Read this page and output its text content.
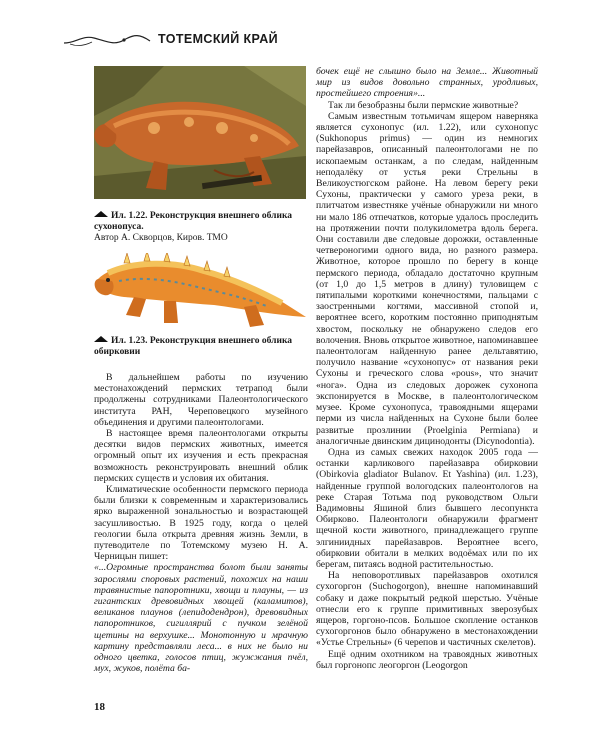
ТОТЕМСКИЙ КРАЙ
Ил. 1.22. Реконструкция внешнего облика сухонопуса.
Автор А. Скворцов, Киров. ТМО
Ил. 1.23. Реконструкция внешнего облика обирковии

В дальнейшем работы по изучению местонахождений пермских тетрапод были продолжены сотрудниками Палеонтологического института РАН, Череповецкого музейного объединения и другими палеонтологами.

В настоящее время палеонтологами открыты десятки видов пермских животных, имеется огромный опыт их изучения и есть прекрасная возможность реконструировать внешний облик пермских существ и условия их обитания.

Климатические особенности пермского периода были близки к современным и характеризовались ярко выраженной зональностью и возрастающей засушливостью. В 1925 году, когда о целей геологии была открыта древняя жизнь Земли, в путеводителе по Тотемскому музею Н. А. Черницын пишет:

«...Огромные пространства болот были заняты зарослями споровых растений, похожих на наши травянистые папоротники, хвощи и плауны, — из гигантских древовидных хвощей (каламитов), великанов плаунов (лепидодендрон), древовидных папоротников, сигиллярий с пучком зелёной щетины на верхушке... Монотонную и мрачную картину представляли леса... в них не было ни одного цветка, голосов птиц, жужжания пчёл, мух, жуков, полёта ба-

бочек ещё не слышно было на Земле... Животный мир из видов довольно странных, уродливых, простейшего строения»...

Так ли безобразны были пермские животные?

Самым известным тотьмичам ящером наверняка является сухонопус (ил. 1.22), или сухонопус (Sukhonopus primus) — один из немногих парейазавров, описанный палеонтологами не по ископаемым останкам, а по следам, найденным неподалёку от устья реки Стрельны в Великоустюгском районе. На левом берегу реки Сухоны, практически у самого уреза реки, в плитчатом известняке учёные обнаружили ни много ни мало 186 отпечатков, которые удалось проследить на протяжении почти полукилометра вдоль берега. Они составили две следовые дорожки, оставленные четвероногими одного вида, но разного размера. Животное, которое прошло по берегу в конце пермского периода, обладало достаточно крупным (от 1,0 до 1,5 метров в длину) туловищем с пятипалыми короткими конечностями, пальцами с заостренными когтями, массивной стопой и, вероятнее всего, коротким постоянно приподнятым хвостом, поскольку не обнаружено следов его волочения. Вновь открытое животное, напоминавшее палеонтологам найденную ранее дельтавятию, получило название «сухонопус» от названия реки Сухоны и греческого слова «pous», что значит «нога». Одна из следовых дорожек сухонопа экспонируется в Москве, в палеонтологическом музее. Кроме сухонопуса, травоядными ящерами перми из числа найденных на Сухоне были более развитые прозлинии (Proelginia Permiana) и аналогичные двинским дицинодонты (Dicynodontia).

Одна из самых свежих находок 2005 года — останки карликового парейазавра обирковии (Obirkovia gladiator Bulanov. Et Yashina) (ил. 1.23), найденные группой вологодских палеонтологов на реке Старая Тотьма под руководством Ольги Вадимовны Яшиной близ бывшего лесопункта Обирково. Палеонтологи обнаружили фрагмент щечной кости животного, принадлежащего группе элгиниидных парейазавров. Вероятнее всего, обирковии обитали в мелких водоёмах или по их берегам, питаясь водной растительностью.

На неповоротливых парейазавров охотился сухогоргон (Suchogorgon), внешне напоминавший собаку и даже покрытый редкой шерстью. Учёные отнесли его к группе примитивных зверозубых ящеров, горгоно-псов. Большое скопление останков сухогоргонов было обнаружено в местонахождении «Устье Стрельны» (6 черепов и частичных скелетов).

Ещё одним охотником на травоядных животных был горгонопс леогоргон (Leogorgon

18
